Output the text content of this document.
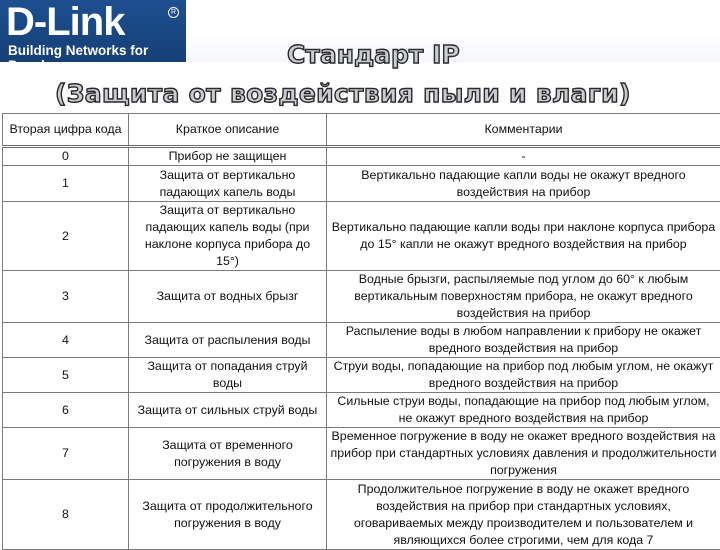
D-Link	R
Building Networks for People	Стандарт IP
(Защита от воздействия пыли и влаги)
Вторая цифра кода	Краткое описание	Комментарии
0	Прибор не защищен	-
1	Защита от вертикально падающих капель воды	Вертикально падающие капли воды не окажут вредного воздействия на прибор
2	Защита от вертикально падающих капель воды (при наклоне корпуса прибора до 15°)	Вертикально падающие капли воды при наклоне корпуса прибора до 15° капли не окажут вредного воздействия на прибор
3	Защита от водных брызг	Водные брызги, распыляемые под углом до 60° к любым вертикальным поверхностям прибора, не окажут вредного воздействия на прибор
4	Защита от распыления воды	Распыление воды в любом направлении к прибору не окажет вредного воздействия на прибор
5	Защита от попадания струй воды	Струи воды, попадающие на прибор под любым углом, не окажут вредного воздействия на прибор
6	Защита от сильных струй воды	Сильные струи воды, попадающие на прибор под любым углом, не окажут вредного воздействия на прибор
7	Защита от временного погружения в воду	Временное погружение в воду не окажет вредного воздействия на прибор при стандартных условиях давления и продолжительности погружения
8	Защита от продолжительного погружения в воду	Продолжительное погружение в воду не окажет вредного воздействия на прибор при стандартных условиях, оговариваемых между производителем и пользователем и являющихся более строгими, чем для кода 7
